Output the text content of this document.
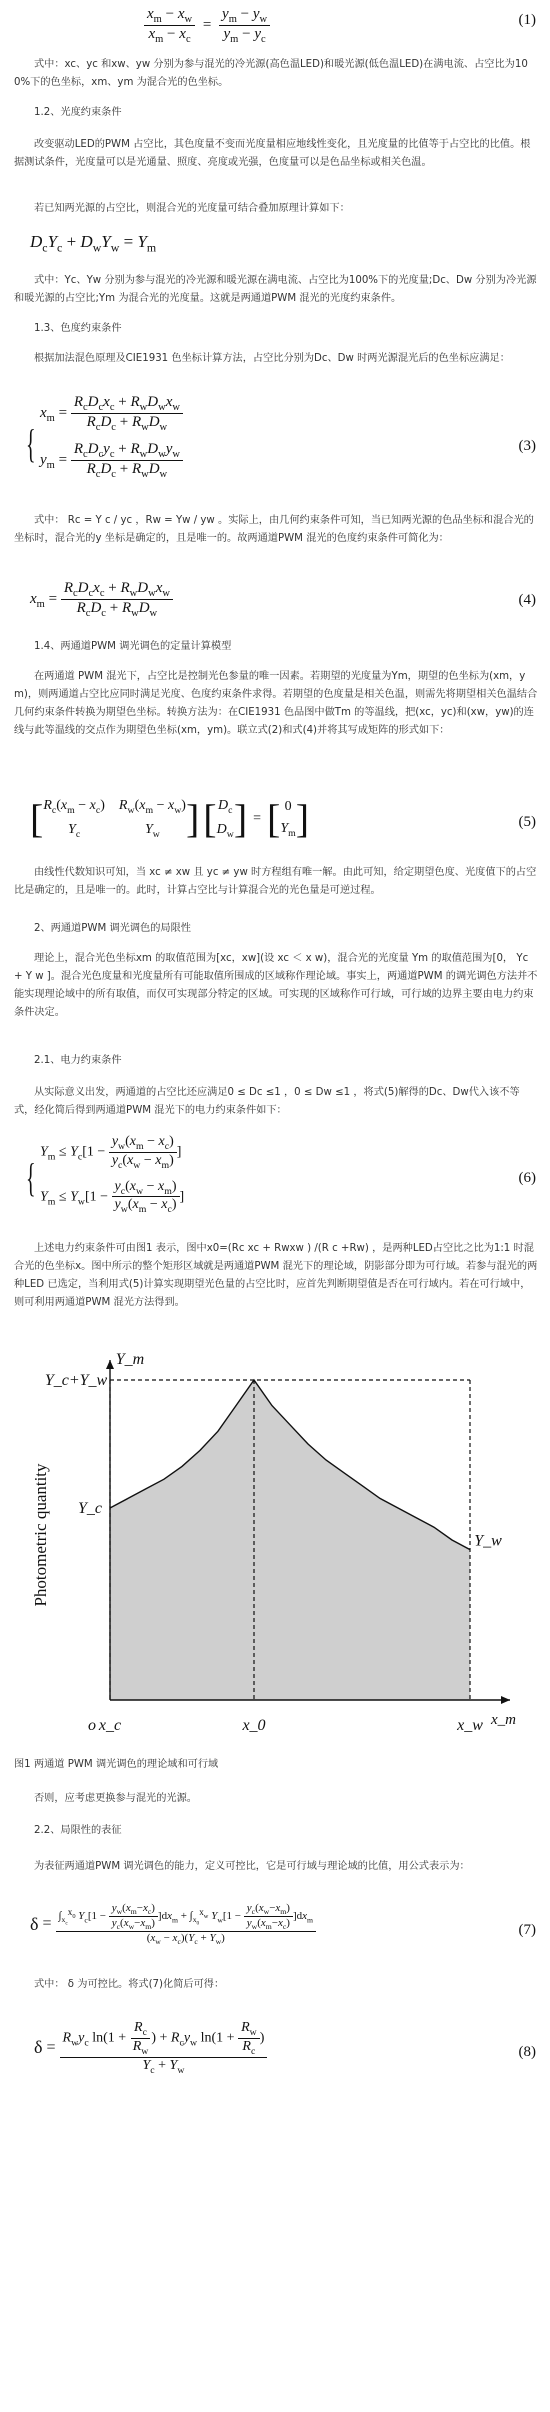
$\frac{x_m - x_w}{x_m - x_c} = \frac{y_m - y_w}{y_m - y_c}$	(1)
式中：xc、yc 和xw、yw 分别为参与混光的冷光源(高色温LED)和暖光源(低色温LED)在满电流、占空比为100%下的色坐标，xm、ym 为混合光的色坐标。
1.2、光度约束条件
改变驱动LED的PWM 占空比，其色度量不变而光度量相应地线性变化，且光度量的比值等于占空比的比值。根据测试条件，光度量可以是光通量、照度、亮度或光强，色度量可以是色品坐标或相关色温。
若已知两光源的占空比，则混合光的光度量可结合叠加原理计算如下：
$D_cY_c + D_wY_w = Y_m$
式中：Yc、Yw 分别为参与混光的冷光源和暖光源在满电流、占空比为100%下的光度量;Dc、Dw 分别为冷光源和暖光源的占空比;Ym 为混合光的光度量。这就是两通道PWM 混光的光度约束条件。
1.3、色度约束条件
根据加法混色原理及CIE1931 色坐标计算方法，占空比分别为Dc、Dw 时两光源混光后的色坐标应满足：
{
$x_m = \frac{R_cD_cx_c + R_wD_wx_w}{R_cD_c + R_wD_w}$
$y_m = \frac{R_cD_cy_c + R_wD_wy_w}{R_cD_c + R_wD_w}$	(3)
式中： Rc = Y c / yc ，Rw = Yw / yw 。实际上，由几何约束条件可知，当已知两光源的色品坐标和混合光的坐标时，混合光的y 坐标是确定的，且是唯一的。故两通道PWM 混光的色度约束条件可简化为：
$x_m = \frac{R_cD_cx_c + R_wD_wx_w}{R_cD_c + R_wD_w}$	(4)
1.4、两通道PWM 调光调色的定量计算模型
在两通道 PWM 混光下，占空比是控制光色参量的唯一因素。若期望的光度量为Ym，期望的色坐标为(xm，ym)，则两通道占空比应同时满足光度、色度约束条件求得。若期望的色度量是相关色温，则需先将期望相关色温结合几何约束条件转换为期望色坐标。转换方法为：在CIE1931 色品图中做Tm 的等温线，把(xc，yc)和(xw，yw)的连线与此等温线的交点作为期望色坐标(xm，ym)。联立式(2)和式(4)并将其写成矩阵的形式如下：
[ $R_c(x_m - x_c) R_w(x_m - x_w)$
$Y_c$	$Y_w$ ] [ $D_c$
$D_w$ ] = [ 0
$Y_m$ ]	(5)
由线性代数知识可知，当 xc ≠ xw 且 yc ≠ yw 时方程组有唯一解。由此可知，给定期望色度、光度值下的占空比是确定的，且是唯一的。此时，计算占空比与计算混合光的光色量是可逆过程。
2、两通道PWM 调光调色的局限性
理论上，混合光色坐标xm 的取值范围为[xc，xw](设 xc ＜ x w)，混合光的光度量 Ym 的取值范围为[0， Yc + Y w ]。混合光色度量和光度量所有可能取值所围成的区域称作理论域。事实上，两通道PWM 的调光调色方法并不能实现理论域中的所有取值，而仅可实现部分特定的区域。可实现的区域称作可行域，可行域的边界主要由电力约束条件决定。
2.1、电力约束条件
从实际意义出发，两通道的占空比还应满足0 ≤ Dc ≤1 ，0 ≤ Dw ≤1 ，将式(5)解得的Dc、Dw代入该不等式，经化简后得到两通道PWM 混光下的电力约束条件如下：
{
$Y_m \le Y_c[1 - \frac{y_w(x_m - x_c)}{y_c(x_w - x_m)}$ ]
$Y_m \le Y_w[1 - \frac{y_c(x_w - x_m)}{y_w(x_m - x_c)}$ ]
(6)
上述电力约束条件可由图1 表示，图中x0=(Rc xc + Rwxw ) /(R c +Rw) ，是两种LED占空比之比为1:1 时混合光的色坐标x。图中所示的整个矩形区域就是两通道PWM 混光下的理论域，阴影部分即为可行域。若参与混光的两种LED 已选定，当利用式(5)计算实现期望光色量的占空比时，应首先判断期望值是否在可行域内。若在可行域中，则可利用两通道PWM 混光方法得到。
Y_m
x_m
o x_c	x_0	x_w
Y_c+Y_w
Y_c
Y_w
Photometric quantity
图1 两通道 PWM 调光调色的理论域和可行域
否则，应考虑更换参与混光的光源。
2.2、局限性的表征
为表征两通道PWM 调光调色的能力，定义可控比，它是可行域与理论域的比值，用公式表示为：
$\delta = \int_{x_c}^{x_0}$ $Y_c[1 - \frac{y_w(x_m-x_c)}{y_c(x_w-x_m)} ]dx_m + \int_{x_0}^{x_w}$ $Y_w[1 - \frac{y_c(x_w-x_m)}{y_w(x_m-x_c)} ]dx_m$
$(x_w - x_c)(Y_c + Y_w)$
(7)
式中： δ 为可控比。将式(7)化简后可得：
$\delta = \frac{R_wy_c \ln(1 + \frac{R_c}{R_w} ) + R_cy_w \ln(1 + \frac{R_w}{R_c} )}{Y_c + Y_w}$	(8)
